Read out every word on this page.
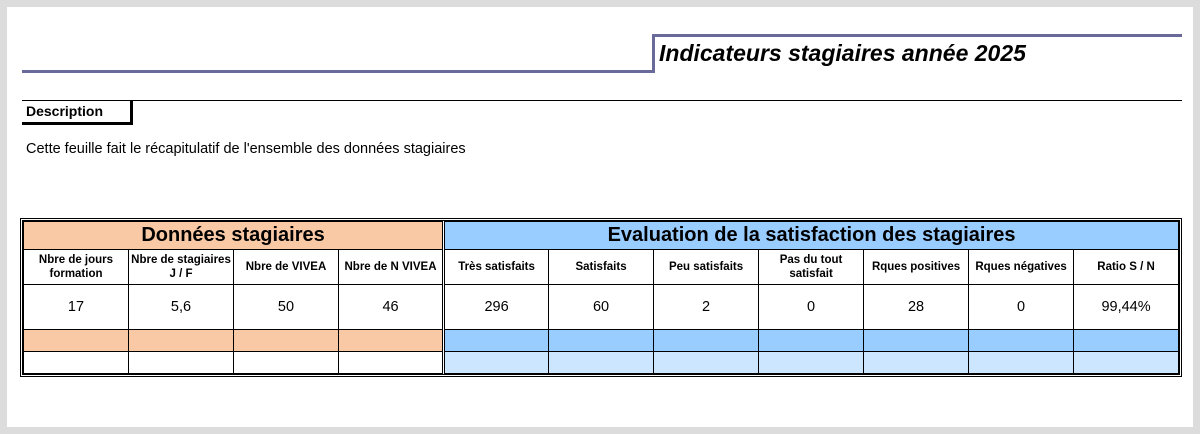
Indicateurs stagiaires année 2025
Description
Cette feuille fait le récapitulatif de l'ensemble des données stagiaires
Données stagiaires				Evaluation de la satisfaction des stagiaires						
Nbre de jours formation	Nbre de stagiaires J / F	Nbre de VIVEA	Nbre de N VIVEA	Très satisfaits	Satisfaits	Peu satisfaits	Pas du tout satisfait	Rques positives	Rques négatives	Ratio S / N
17	5,6	50	46	296	60	2	0	28	0	99,44%
